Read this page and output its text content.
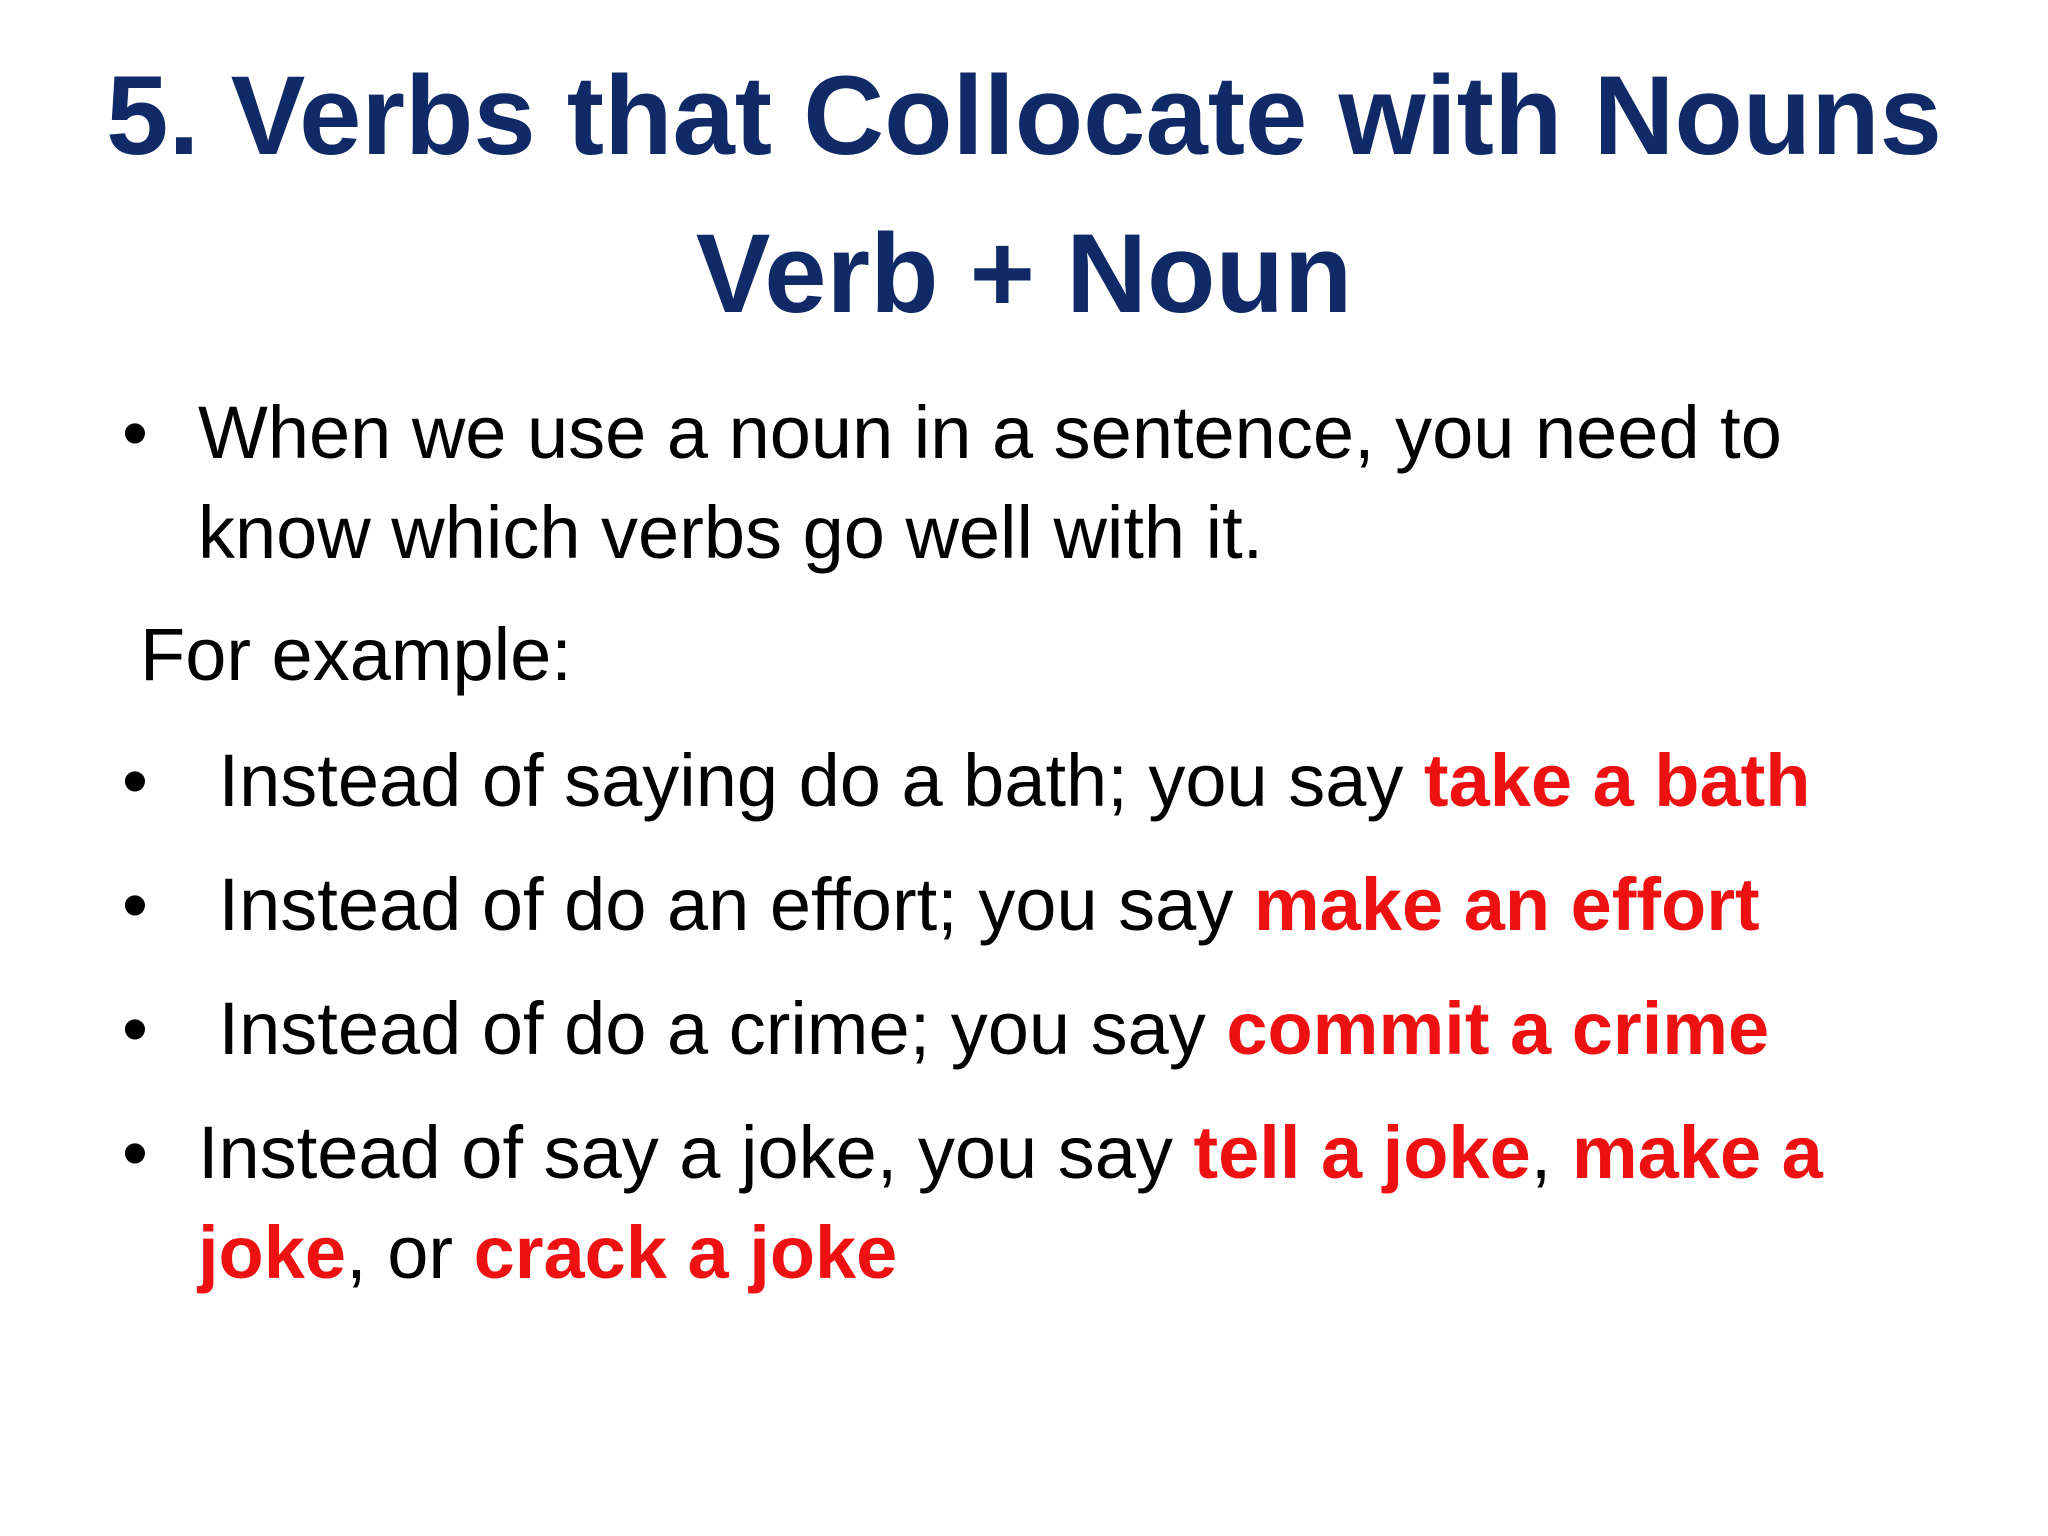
5. Verbs that Collocate with Nouns
Verb + Noun
• When we use a noun in a sentence, you need to
know which verbs go well with it.
For example:
• Instead of saying do a bath; you say take a bath
• Instead of do an effort; you say make an effort
• Instead of do a crime; you say commit a crime
• Instead of say a joke, you say tell a joke, make a
joke, or crack a joke
